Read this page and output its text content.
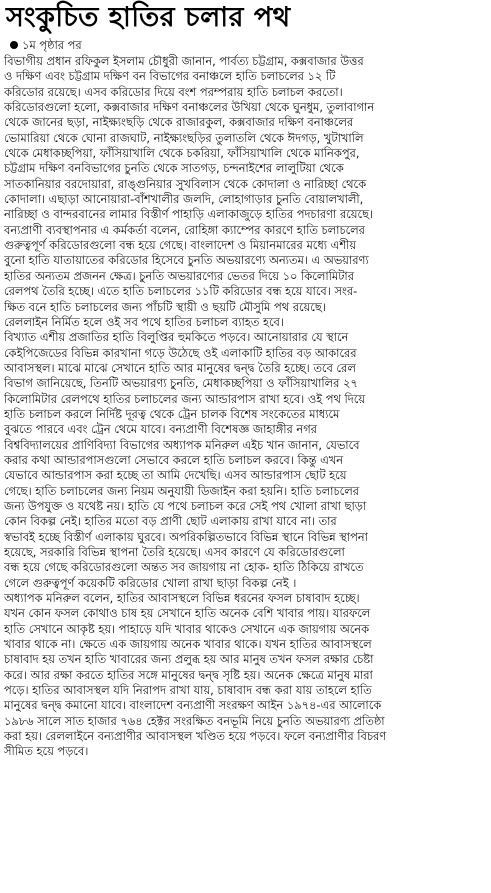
সংকুচিত হাতির চলার পথ
১ম পৃষ্ঠার পর
বিভাগীয় প্রধান রফিকুল ইসলাম চৌধুরী জানান, পার্বত্য চট্টগ্রাম, কক্সবাজার উত্তর
ও দক্ষিণ এবং চট্টগ্রাম দক্ষিণ বন বিভাগের বনাঞ্চলে হাতি চলাচলের ১২ টি
করিডোর রয়েছে। এসব করিডোর দিয়ে বংশ পরম্পরায় হাতি চলাচল করতো।
করিডোরগুলো হলো, কক্সবাজার দক্ষিণ বনাঞ্চলের উখিয়া থেকে ঘুনধুম, তুলাবাগান
থেকে জানের ছড়া, নাইক্ষ্যংছড়ি থেকে রাজারকুল, কক্সবাজার দক্ষিণ বনাঞ্চলের
ভোমারিয়া থেকে ঘোনা রাজঘাট, নাইক্ষ্যংছড়ির তুলাতলি থেকে ঈদগড়, খুটাখালি
থেকে মেধাকচ্ছপিয়া, ফাঁসিয়াখালি থেকে চকরিয়া, ফাঁসিয়াখালি থেকে মানিকপুর,
চট্টগ্রাম দক্ষিণ বনবিভাগের চুনতি থেকে সাতগড়, চন্দনাইশের লালুটিয়া থেকে
সাতকানিয়ার বরদোয়ারা, রাঙ্গুনিয়ার সুখবিলাস থেকে কোদালা ও নারিচ্ছা থেকে
কোদালা। এছাড়া আনোয়ারা-বাঁশখালীর জলদি, লোহাগাড়ার চুনতি বোয়ালখালী,
নারিচ্ছা ও বান্দরবানের লামার বিস্তীর্ণ পাহাড়ি এলাকাজুড়ে হাতির পদচারণা রয়েছে।
বন্যপ্রাণী ব্যবস্থাপনার এ কর্মকর্তা বলেন, রোহিঙ্গা ক্যাম্পের কারণে হাতি চলাচলের
গুরুত্বপূর্ণ করিডোরগুলো বন্ধ হয়ে গেছে। বাংলাদেশ ও মিয়ানমারের মধ্যে এশীয়
বুনো হাতি যাতায়াতের করিডোর হিসেবে চুনতি অভয়ারণ্যে অন্যতম। এ অভয়ারণ্য
হাতির অন্যতম প্রজনন ক্ষেত্র। চুনতি অভয়ারণ্যের ভেতর দিয়ে ১০ কিলোমিটার
রেলপথ তৈরি হচ্ছে। এতে হাতি চলাচলের ১১টি করিডোর বন্ধ হয়ে যাবে। সংর-
ক্ষিত বনে হাতি চলাচলের জন্য পাঁচটি স্থায়ী ও ছয়টি মৌসুমি পথ রয়েছে।
রেললাইন নির্মিত হলে ওই সব পথে হাতির চলাচল ব্যাহত হবে।
বিখ্যাত এশীয় প্রজাতির হাতি বিলুপ্তির হুমকিতে পড়বে। আনোয়ারার যে স্থানে
কেইপিজেডের বিভিন্ন কারখানা গড়ে উঠেছে ওই এলাকাটি হাতির বড় আকারের
আবাসস্থল। মাঝে মাঝে সেখানে হাতি আর মানুষের দ্বন্দ্ব তৈরি হচ্ছে। তবে রেল
বিভাগ জানিয়েছে, তিনটি অভয়ারণ্য চুনতি, মেধাকচ্ছপিয়া ও ফাঁসিয়াখালির ২৭
কিলোমিটার রেলপথে হাতির চলাচলের জন্য আন্ডারপাস রাখা হবে। ওই পথ দিয়ে
হাতি চলাচল করলে নির্দিষ্ট দূরত্ব থেকে ট্রেন চালক বিশেষ সংকেতের মাধ্যমে
বুঝতে পারবে এবং ট্রেন থেমে যাবে। বন্যপ্রাণী বিশেষজ্ঞ জাহাঙ্গীর নগর
বিশ্ববিদ্যালয়ের প্রাণিবিদ্যা বিভাগের অধ্যাপক মনিরুল এইচ খান জানান, যেভাবে
করার কথা আন্ডারপাসগুলো সেভাবে করলে হাতি চলাচল করবে। কিন্তু এখন
যেভাবে আন্ডারপাস করা হচ্ছে তা আমি দেখেছি। এসব আন্ডারপাস ছোট হয়ে
গেছে। হাতি চলাচলের জন্য নিয়ম অনুযায়ী ডিজাইন করা হয়নি। হাতি চলাচলের
জন্য উপযুক্ত ও যথেষ্ট নয়। হাতি যে পথে চলাচল করে সেই পথ খোলা রাখা ছাড়া
কোন বিকল্প নেই। হাতির মতো বড় প্রাণী ছোট এলাকায় রাখা যাবে না। তার
স্বভাবই হচ্ছে বিস্তীর্ণ এলাকায় ঘুরবে। অপরিকল্পিতভাবে বিভিন্ন স্থানে বিভিন্ন স্থাপনা
হয়েছে, সরকারি বিভিন্ন স্থাপনা তৈরি হয়েছে। এসব কারণে যে করিডোরগুলো
বন্ধ হয়ে গেছে করিডোরগুলো অন্তত সব জায়গায় না হোক- হাতি ঠিকিয়ে রাখতে
গেলে গুরুত্বপূর্ণ কয়েকটি করিডোর খোলা রাখা ছাড়া বিকল্প নেই ।
অধ্যাপক মনিরুল বলেন, হাতির আবাসস্থলে বিভিন্ন ধরনের ফসল চাষাবাদ হচ্ছে।
যখন কোন ফসল কোথাও চাষ হয় সেখানে হাতি অনেক বেশি খাবার পায়। যারফলে
হাতি সেখানে আকৃষ্ট হয়। পাহাড়ে যদি খাবার থাকেও সেখানে এক জায়গায় অনেক
খাবার থাকে না। ক্ষেতে এক জায়গায় অনেক খাবার থাকে। যখন হাতির আবাসস্থলে
চাষাবাদ হয় তখন হাতি খাবারের জন্য প্রলুব্ধ হয় আর মানুষ তখন ফসল রক্ষার চেষ্টা
করে। আর রক্ষা করতে হাতির সঙ্গে মানুষের দ্বন্দ্ব সৃষ্টি হয়। অনেক ক্ষেত্রে মানুষ মারা
পড়ে। হাতির আবাসস্থল যদি নিরাপদ রাখা যায়, চাষাবাদ বন্ধ করা যায় তাহলে হাতি
মানুষের দ্বন্দ্ব কমানো যাবে। বাংলাদেশ বন্যপ্রাণী সংরক্ষণ আইন ১৯৭৪-এর আলোকে
১৯৮৬ সালে সাত হাজার ৭৬৪ হেক্টর সংরক্ষিত বনভূমি নিয়ে চুনতি অভয়ারণ্য প্রতিষ্ঠা
করা হয়। রেললাইনে বন্যপ্রাণীর আবাসস্থল খণ্ডিত হয়ে পড়বে। ফলে বন্যপ্রাণীর বিচরণ
সীমিত হয়ে পড়বে।
